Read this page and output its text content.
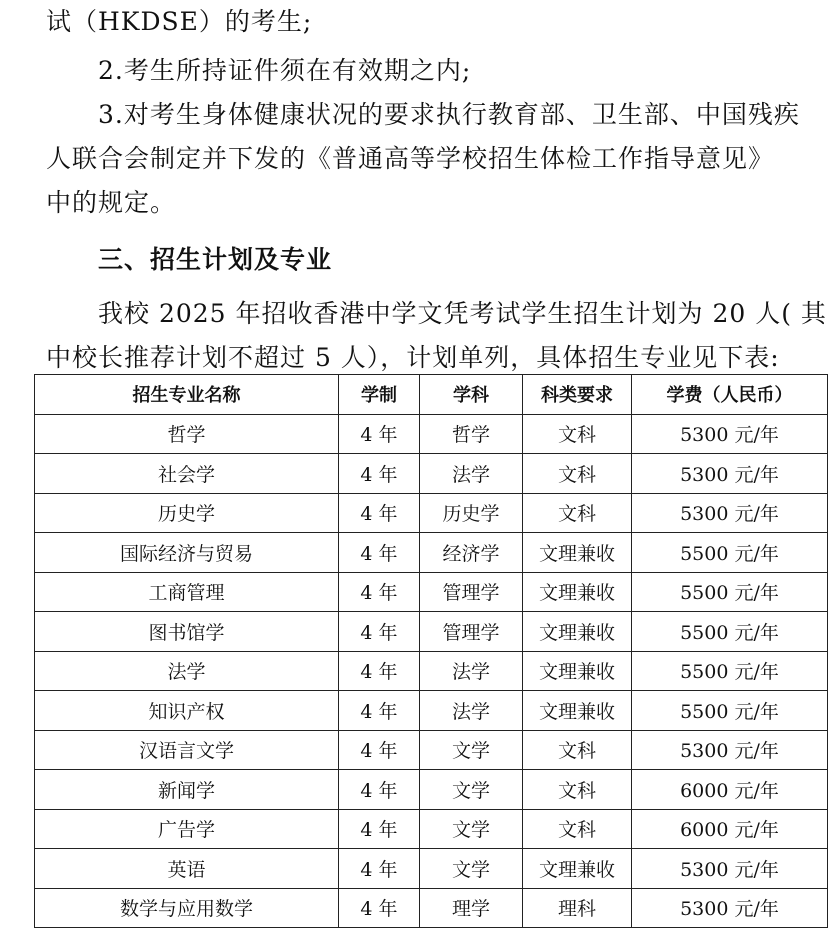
试（HKDSE）的考生;
2.考生所持证件须在有效期之内;
3.对考生身体健康状况的要求执行教育部、卫生部、中国残疾
人联合会制定并下发的《普通高等学校招生体检工作指导意见》
中的规定。
三、招生计划及专业
我校 2025 年招收香港中学文凭考试学生招生计划为 20 人( 其
中校长推荐计划不超过 5 人），计划单列，具体招生专业见下表:
招生专业名称	学制	学科	科类要求	学费（人民币）
哲学	4 年	哲学	文科	5300 元/年
社会学	4 年	法学	文科	5300 元/年
历史学	4 年	历史学	文科	5300 元/年
国际经济与贸易	4 年	经济学	文理兼收	5500 元/年
工商管理	4 年	管理学	文理兼收	5500 元/年
图书馆学	4 年	管理学	文理兼收	5500 元/年
法学	4 年	法学	文理兼收	5500 元/年
知识产权	4 年	法学	文理兼收	5500 元/年
汉语言文学	4 年	文学	文科	5300 元/年
新闻学	4 年	文学	文科	6000 元/年
广告学	4 年	文学	文科	6000 元/年
英语	4 年	文学	文理兼收	5300 元/年
数学与应用数学	4 年	理学	理科	5300 元/年
